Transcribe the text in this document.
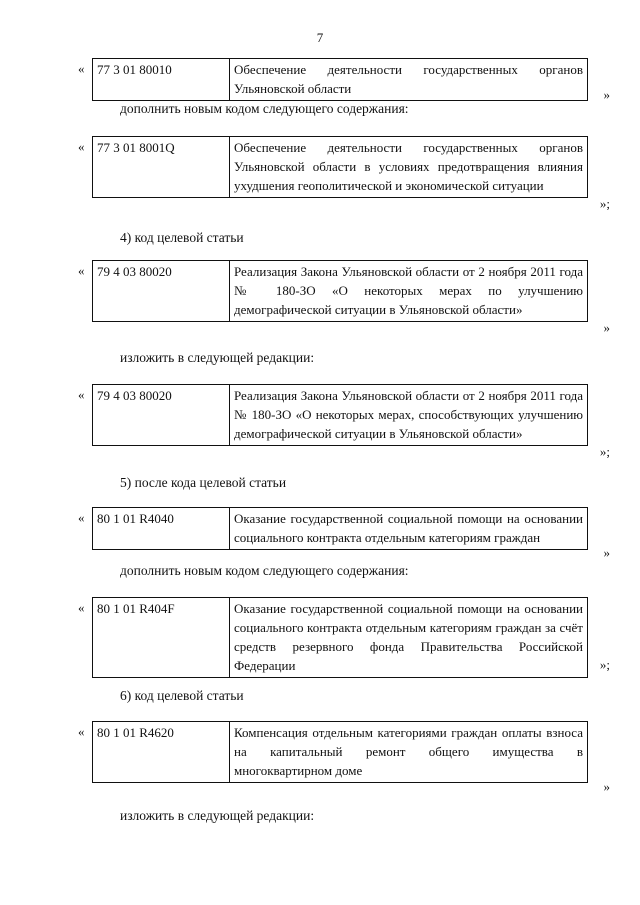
7
« 77 3 01 80010	Обеспечение деятельности государственных органов Ульяновской области	»
дополнить новым кодом следующего содержания:
« 77 3 01 8001Q	Обеспечение деятельности государственных органов Ульяновской области в условиях предотвращения влияния ухудшения геополитической и экономической ситуации
»;
4) код целевой статьи
« 79 4 03 80020	Реализация Закона Ульяновской области от 2 ноября 2011 года № 180-ЗО «О некоторых мерах по улучшению демографической ситуации в Ульяновской области»
»
изложить в следующей редакции:
« 79 4 03 80020	Реализация Закона Ульяновской области от 2 ноября 2011 года № 180-ЗО «О некоторых мерах, способствующих улучшению демографической ситуации в Ульяновской области»
»;
5) после кода целевой статьи
« 80 1 01 R4040	Оказание государственной социальной помощи на основании социального контракта отдельным категориям граждан
»
дополнить новым кодом следующего содержания:
« 80 1 01 R404F	Оказание государственной социальной помощи на основании социального контракта отдельным категориям граждан за счёт средств резервного фонда Правительства Российской Федерации	»;
6) код целевой статьи
« 80 1 01 R4620	Компенсация отдельным категориями граждан оплаты взноса на капитальный ремонт общего имущества в многоквартирном доме
»
изложить в следующей редакции:
